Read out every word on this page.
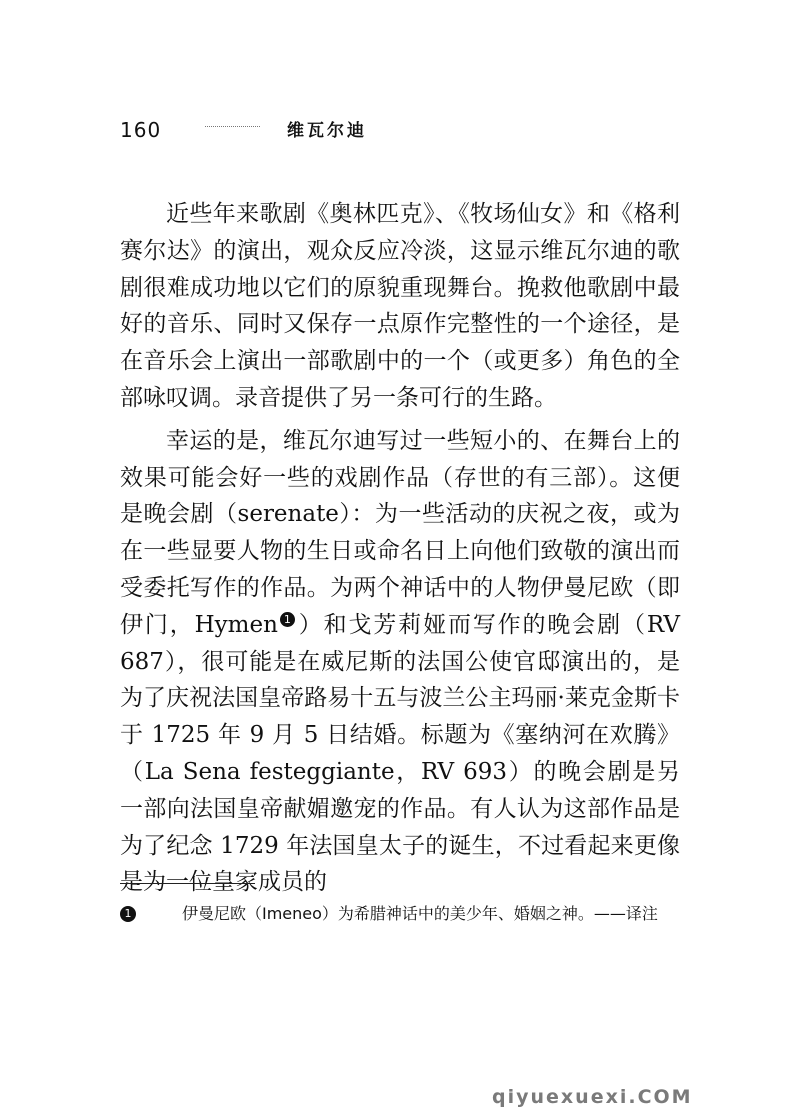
160	维瓦尔迪

近些年来歌剧《奥林匹克》、《牧场仙女》和《格利赛尔达》的演出，观众反应冷淡，这显示维瓦尔迪的歌剧很难成功地以它们的原貌重现舞台。挽救他歌剧中最好的音乐、同时又保存一点原作完整性的一个途径，是在音乐会上演出一部歌剧中的一个（或更多）角色的全部咏叹调。录音提供了另一条可行的生路。

幸运的是，维瓦尔迪写过一些短小的、在舞台上的效果可能会好一些的戏剧作品（存世的有三部）。这便是晚会剧（serenate）：为一些活动的庆祝之夜，或为在一些显要人物的生日或命名日上向他们致敬的演出而受委托写作的作品。为两个神话中的人物伊曼尼欧（即伊门，Hymen 1 ）和戈芳莉娅而写作的晚会剧（RV 687），很可能是在威尼斯的法国公使官邸演出的，是为了庆祝法国皇帝路易十五与波兰公主玛丽·莱克金斯卡于 1725 年 9 月 5 日结婚。标题为《塞纳河在欢腾》（La Sena festeggiante，RV 693）的晚会剧是另一部向法国皇帝献媚邀宠的作品。有人认为这部作品是为了纪念 1729 年法国皇太子的诞生，不过看起来更像是为一位皇家成员的

1	伊曼尼欧（Imeneo）为希腊神话中的美少年、婚姻之神。——译注
qiyuexuexi.COM
